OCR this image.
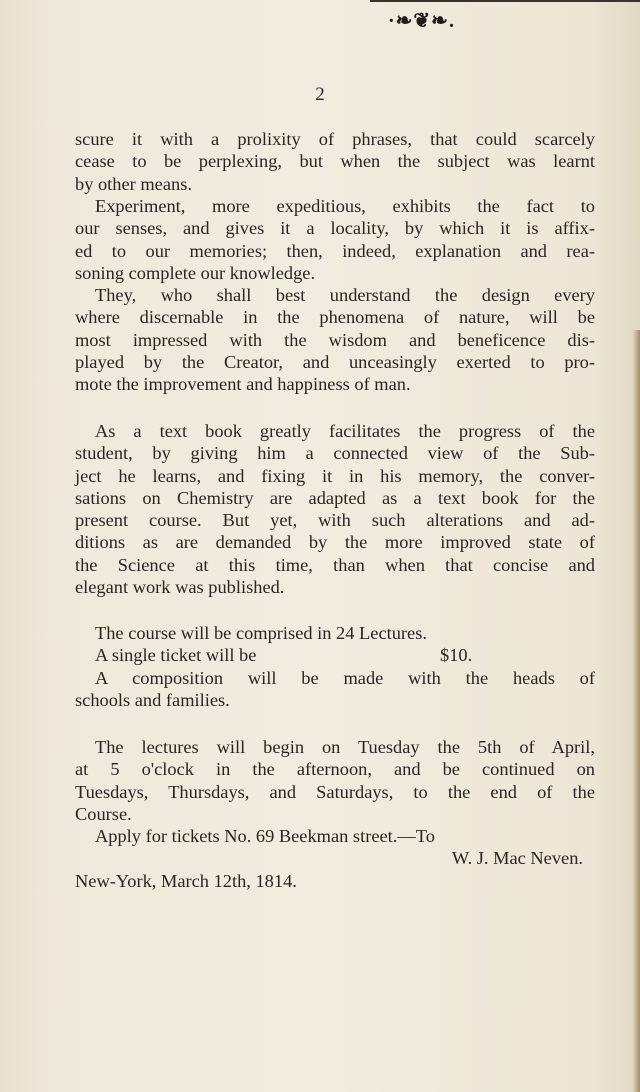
·❧❦❧.
2
scure it with a prolixity of phrases, that could scarcely
cease to be perplexing, but when the subject was learnt
by other means.
Experiment, more expeditious, exhibits the fact to
our senses, and gives it a locality, by which it is affix-
ed to our memories; then, indeed, explanation and rea-
soning complete our knowledge.
They, who shall best understand the design every
where discernable in the phenomena of nature, will be
most impressed with the wisdom and beneficence dis-
played by the Creator, and unceasingly exerted to pro-
mote the improvement and happiness of man.
As a text book greatly facilitates the progress of the
student, by giving him a connected view of the Sub-
ject he learns, and fixing it in his memory, the conver-
sations on Chemistry are adapted as a text book for the
present course. But yet, with such alterations and ad-
ditions as are demanded by the more improved state of
the Science at this time, than when that concise and
elegant work was published.
The course will be comprised in 24 Lectures.
A single ticket will be	$10.
A composition will be made with the heads of
schools and families.
The lectures will begin on Tuesday the 5th of April,
at 5 o'clock in the afternoon, and be continued on
Tuesdays, Thursdays, and Saturdays, to the end of the
Course.
Apply for tickets No. 69 Beekman street.—To
W. J. Mac Neven.
New-York, March 12th, 1814.
